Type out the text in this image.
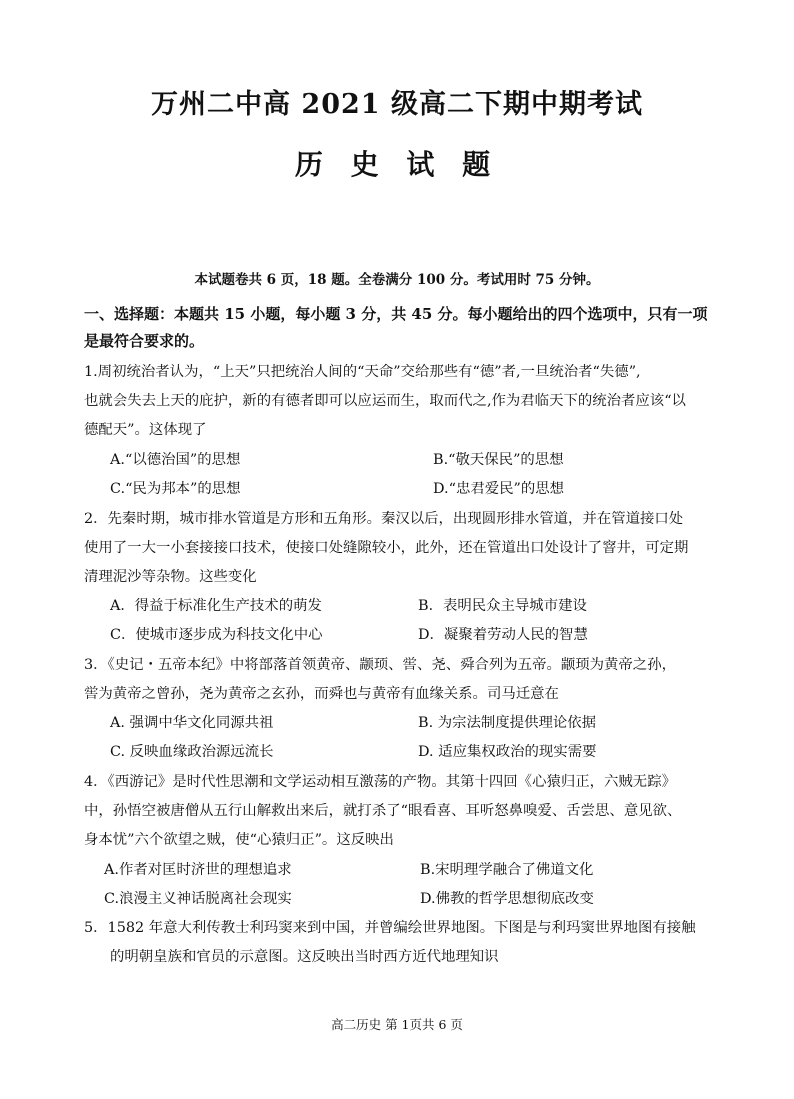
万州二中高 2021 级高二下期中期考试
历 史 试 题
本试题卷共 6 页，18 题。全卷满分 100 分。考试用时 75 分钟。
一、选择题：本题共 15 小题，每小题 3 分，共 45 分。每小题给出的四个选项中，只有一项
是最符合要求的。
1.周初统治者认为，“上天”只把统治人间的“天命”交给那些有“德”者,一旦统治者“失德”,
也就会失去上天的庇护，新的有德者即可以应运而生，取而代之,作为君临天下的统治者应该“以
德配天”。这体现了
A.“以德治国”的思想	B.“敬天保民”的思想
C.“民为邦本”的思想	D.“忠君爱民”的思想
2．先秦时期，城市排水管道是方形和五角形。秦汉以后，出现圆形排水管道，并在管道接口处
使用了一大一小套接接口技术，使接口处缝隙较小，此外，还在管道出口处设计了窨井，可定期
清理泥沙等杂物。这些变化
A．得益于标准化生产技术的萌发	B．表明民众主导城市建设
C．使城市逐步成为科技文化中心	D．凝聚着劳动人民的智慧
3．《史记・五帝本纪》中将部落首领黄帝、颛顼、喾、尧、舜合列为五帝。颛顼为黄帝之孙，
喾为黄帝之曾孙，尧为黄帝之玄孙，而舜也与黄帝有血缘关系。司马迁意在
A. 强调中华文化同源共祖	B. 为宗法制度提供理论依据
C. 反映血缘政治源远流长	D. 适应集权政治的现实需要
4．《西游记》是时代性思潮和文学运动相互激荡的产物。其第十四回《心猿归正，六贼无踪》
中，孙悟空被唐僧从五行山解救出来后，就打杀了“眼看喜、耳听怒鼻嗅爱、舌尝思、意见欲、
身本忧”六个欲望之贼，使“心猿归正”。这反映出
A.作者对匡时济世的理想追求	B.宋明理学融合了佛道文化
C.浪漫主义神话脱离社会现实	D.佛教的哲学思想彻底改变
5．1582 年意大利传教士利玛窦来到中国，并曾编绘世界地图。下图是与利玛窦世界地图有接触
的明朝皇族和官员的示意图。这反映出当时西方近代地理知识
高二历史 第 1页共 6 页
